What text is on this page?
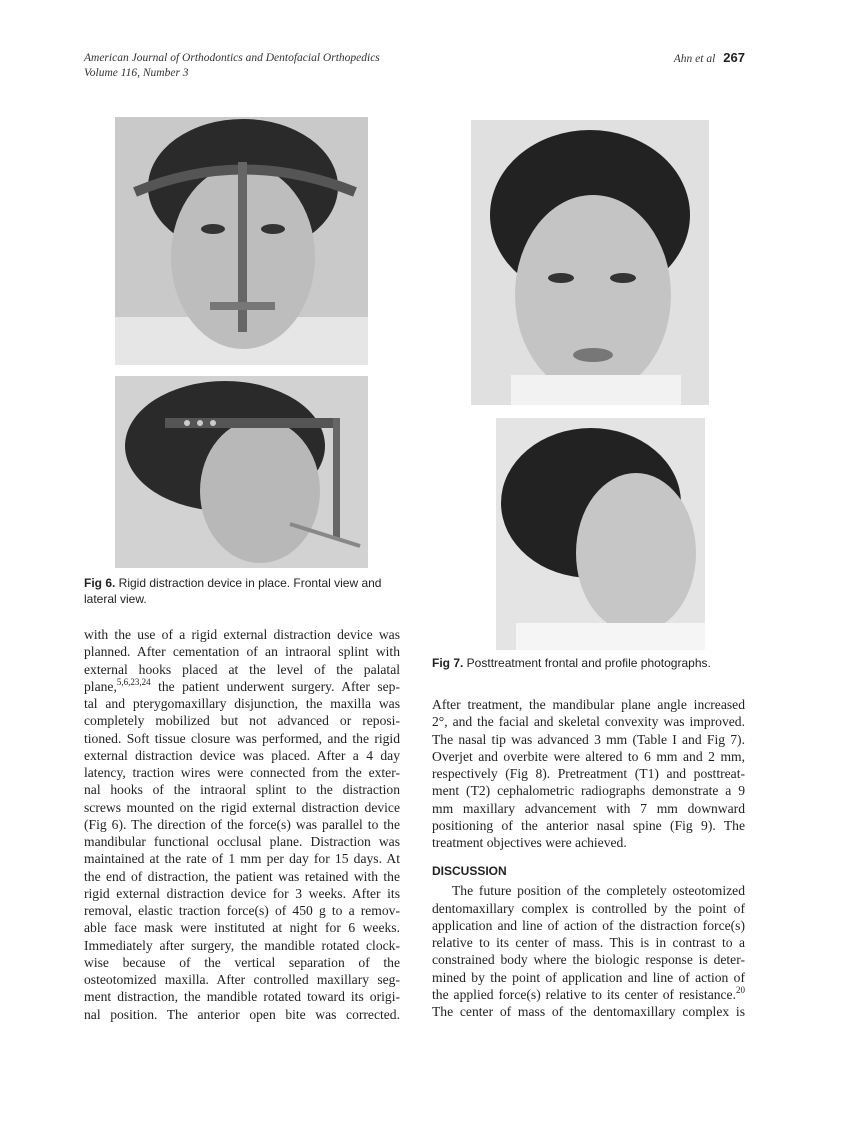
American Journal of Orthodontics and Dentofacial Orthopedics
Volume 116, Number 3
Ahn et al 267
Fig 6. Rigid distraction device in place. Frontal view and lateral view.
Fig 7. Posttreatment frontal and profile photographs.
with the use of a rigid external distraction device was
planned. After cementation of an intraoral splint with
external hooks placed at the level of the palatal
plane,$^{5,6,23,24}$ the patient underwent surgery. After sep-
tal and pterygomaxillary disjunction, the maxilla was
completely mobilized but not advanced or reposi-
tioned. Soft tissue closure was performed, and the rigid
external distraction device was placed. After a 4 day
latency, traction wires were connected from the exter-
nal hooks of the intraoral splint to the distraction
screws mounted on the rigid external distraction device
(Fig 6). The direction of the force(s) was parallel to the
mandibular functional occlusal plane. Distraction was
maintained at the rate of 1 mm per day for 15 days. At
the end of distraction, the patient was retained with the
rigid external distraction device for 3 weeks. After its
removal, elastic traction force(s) of 450 g to a remov-
able face mask were instituted at night for 6 weeks.
Immediately after surgery, the mandible rotated clock-
wise because of the vertical separation of the
osteotomized maxilla. After controlled maxillary seg-
ment distraction, the mandible rotated toward its origi-
nal position. The anterior open bite was corrected.
After treatment, the mandibular plane angle increased
2°, and the facial and skeletal convexity was improved.
The nasal tip was advanced 3 mm (Table I and Fig 7).
Overjet and overbite were altered to 6 mm and 2 mm,
respectively (Fig 8). Pretreatment (T1) and posttreat-
ment (T2) cephalometric radiographs demonstrate a 9
mm maxillary advancement with 7 mm downward
positioning of the anterior nasal spine (Fig 9). The
treatment objectives were achieved.
DISCUSSION
The future position of the completely osteotomized
dentomaxillary complex is controlled by the point of
application and line of action of the distraction force(s)
relative to its center of mass. This is in contrast to a
constrained body where the biologic response is deter-
mined by the point of application and line of action of
the applied force(s) relative to its center of resistance.$^{20}$
The center of mass of the dentomaxillary complex is
